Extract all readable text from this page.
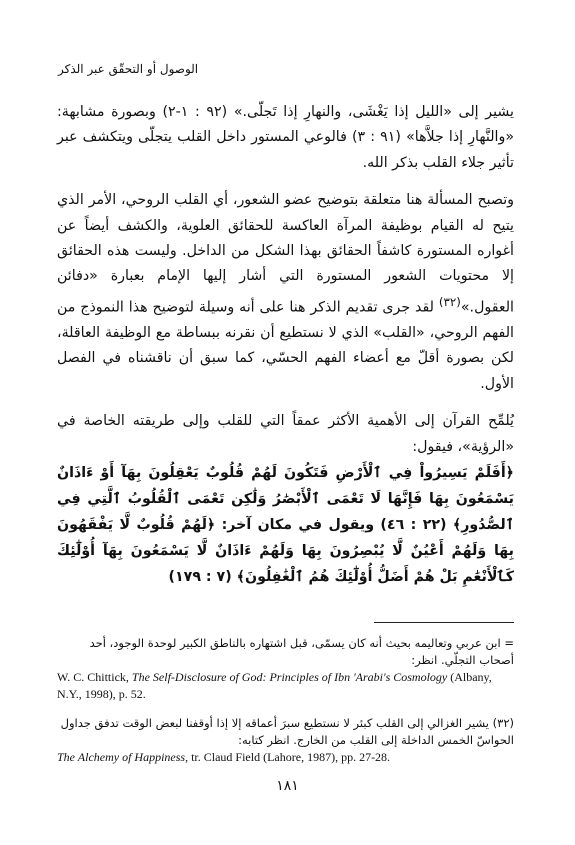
الوصول أو التحقّق عبر الذكر

يشير إلى «الليل إذا يَغْشَى، والنهارِ إذا تَجلّى.» (٩٢ : ١-٢) وبصورة مشابهة: «والنَّهارِ إذا جلاَّها» (٩١ : ٣) فالوعي المستور داخل القلب يتجلّى ويتكشف عبر تأثير جلاء القلب بذكر الله.

وتصبح المسألة هنا متعلقة بتوضيح عضو الشعور، أي القلب الروحي، الأمر الذي يتيح له القيام بوظيفة المرآة العاكسة للحقائق العلوية، والكشف أيضاً عن أغواره المستورة كاشفاً الحقائق بهذا الشكل من الداخل. وليست هذه الحقائق إلا محتويات الشعور المستورة التي أشار إليها الإمام بعبارة «دفائن العقول.»$^{(٣٢)}$ لقد جرى تقديم الذكر هنا على أنه وسيلة لتوضيح هذا النموذج من الفهم الروحي، «القلب» الذي لا نستطيع أن نقرنه ببساطة مع الوظيفة العاقلة، لكن بصورة أقلّ مع أعضاء الفهم الحسّي، كما سبق أن ناقشناه في الفصل الأول.

يُلمِّح القرآن إلى الأهمية الأكثر عمقاً التي للقلب وإلى طريقته الخاصة في «الرؤية»، فيقول:

﴿أَفَلَمْ يَسِيرُواْ فِي ٱلْأَرْضِ فَتَكُونَ لَهُمْ قُلُوبٌ يَعْقِلُونَ بِهَآ أَوْ ءَاذَانٌ يَسْمَعُونَ بِهَا فَإِنَّهَا لَا تَعْمَى ٱلْأَبْصَٰرُ وَلَٰكِن تَعْمَى ٱلْقُلُوبُ ٱلَّتِي فِي ٱلصُّدُورِ﴾ (٢٢ : ٤٦) ويقول في مكان آخر: ﴿لَهُمْ قُلُوبٌ لَّا يَفْقَهُونَ بِهَا وَلَهُمْ أَعْيُنٌ لَّا يُبْصِرُونَ بِهَا وَلَهُمْ ءَاذَانٌ لَّا يَسْمَعُونَ بِهَآ أُوْلَٰٓئِكَ كَٱلْأَنْعَٰمِ بَلْ هُمْ أَضَلُّ أُوْلَٰٓئِكَ هُمُ ٱلْغَٰفِلُونَ﴾ (٧ : ١٧٩)

= ابن عربي وتعاليمه بحيث أنه كان يسمّى، قبل اشتهاره بالناطق الكبير لوحدة الوجود، أحد أصحاب التجلّي. انظر:
W. C. Chittick, The Self-Disclosure of God: Principles of Ibn 'Arabi's Cosmology (Albany, N.Y., 1998), p. 52.
(٣٢) يشير الغزالي إلى القلب كبئر لا نستطيع سبرَ أعماقه إلا إذا أوقفنا لبعض الوقت تدفق جداول الحواسّ الخمس الداخلة إلى القلب من الخارج. انظر كتابه:
The Alchemy of Happiness, tr. Claud Field (Lahore, 1987), pp. 27-28.
١٨١
